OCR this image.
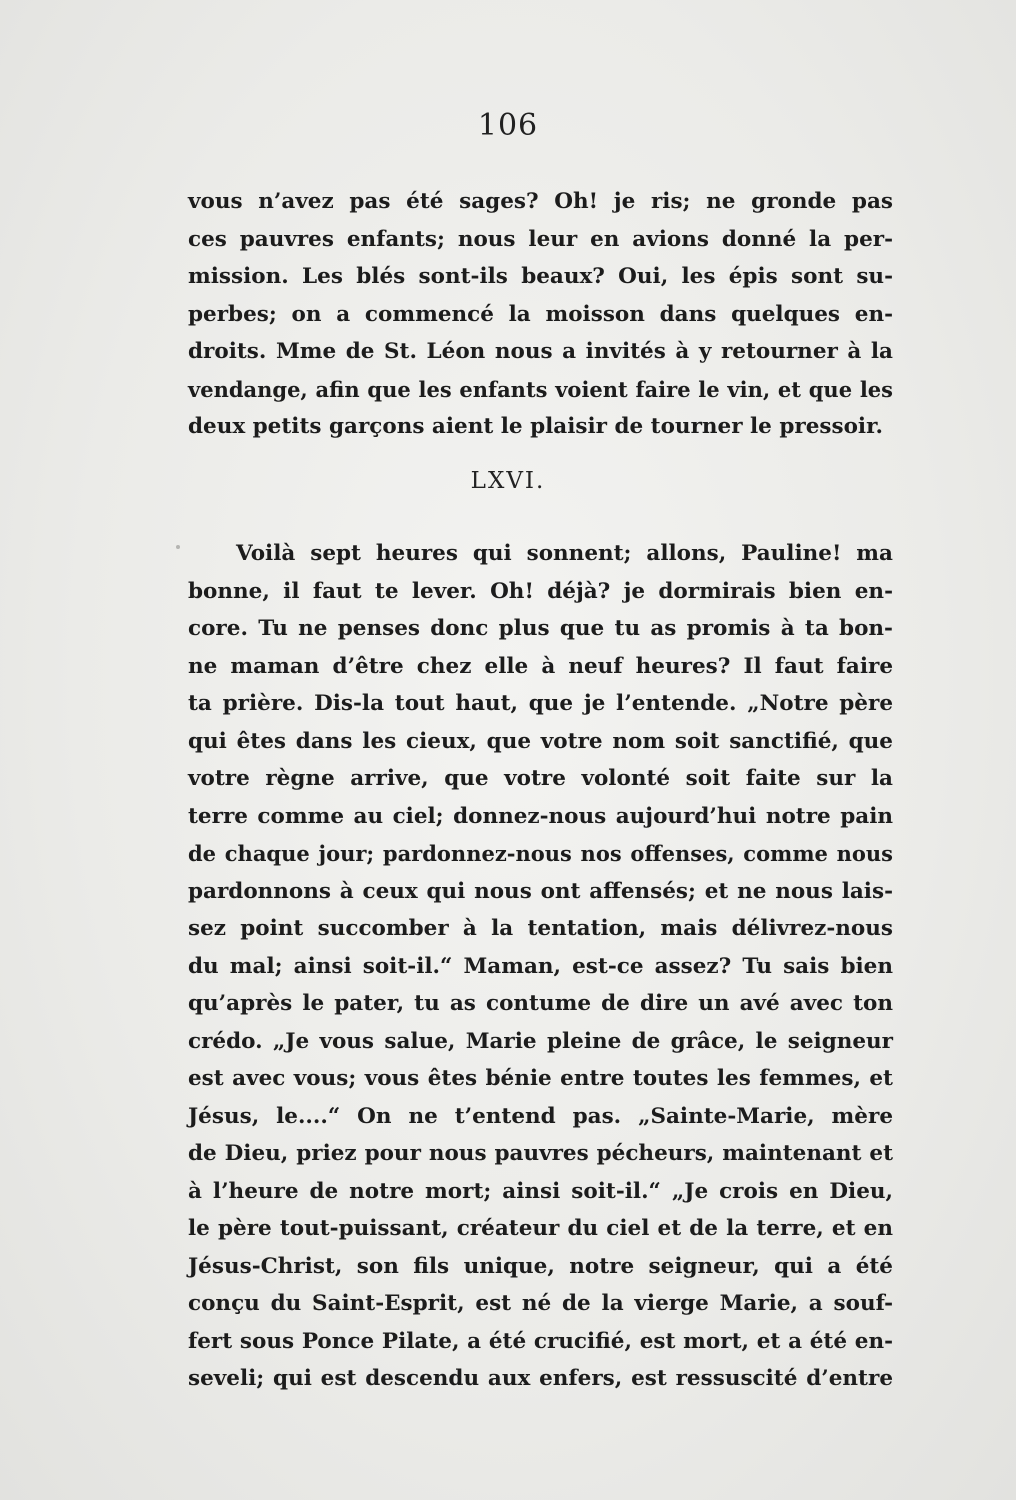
106
vous n’avez pas été sages? Oh! je ris; ne gronde pas
ces pauvres enfants; nous leur en avions donné la per-
mission. Les blés sont-ils beaux? Oui, les épis sont su-
perbes; on a commencé la moisson dans quelques en-
droits. Mme de St. Léon nous a invités à y retourner à la
vendange, afin que les enfants voient faire le vin, et que les
deux petits garçons aient le plaisir de tourner le pressoir.
LXVI.
Voilà sept heures qui sonnent; allons, Pauline! ma
bonne, il faut te lever. Oh! déjà? je dormirais bien en-
core. Tu ne penses donc plus que tu as promis à ta bon-
ne maman d’être chez elle à neuf heures? Il faut faire
ta prière. Dis-la tout haut, que je l’entende. „Notre père
qui êtes dans les cieux, que votre nom soit sanctifié, que
votre règne arrive, que votre volonté soit faite sur la
terre comme au ciel; donnez-nous aujourd’hui notre pain
de chaque jour; pardonnez-nous nos offenses, comme nous
pardonnons à ceux qui nous ont affensés; et ne nous lais-
sez point succomber à la tentation, mais délivrez-nous
du mal; ainsi soit-il.“ Maman, est-ce assez? Tu sais bien
qu’après le pater, tu as contume de dire un avé avec ton
crédo. „Je vous salue, Marie pleine de grâce, le seigneur
est avec vous; vous êtes bénie entre toutes les femmes, et
Jésus, le....“ On ne t’entend pas. „Sainte-Marie, mère
de Dieu, priez pour nous pauvres pécheurs, maintenant et
à l’heure de notre mort; ainsi soit-il.“ „Je crois en Dieu,
le père tout-puissant, créateur du ciel et de la terre, et en
Jésus-Christ, son fils unique, notre seigneur, qui a été
conçu du Saint-Esprit, est né de la vierge Marie, a souf-
fert sous Ponce Pilate, a été crucifié, est mort, et a été en-
seveli; qui est descendu aux enfers, est ressuscité d’entre
